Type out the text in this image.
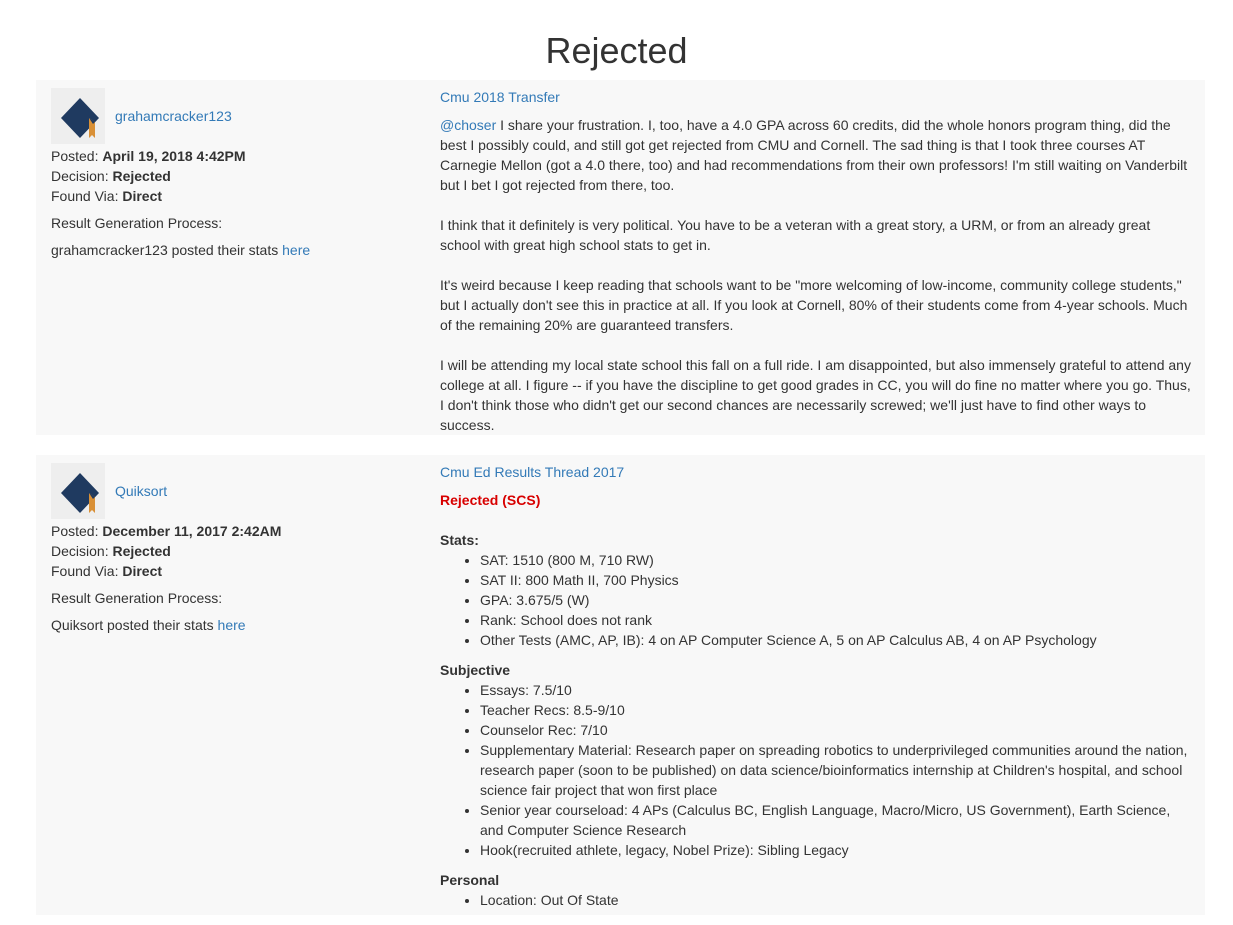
Rejected
grahamcracker123
Posted: April 19, 2018 4:42PM
Decision: Rejected
Found Via: Direct
Result Generation Process:
grahamcracker123 posted their stats here
Cmu 2018 Transfer

@choser I share your frustration. I, too, have a 4.0 GPA across 60 credits, did the whole honors program thing, did the best I possibly could, and still got get rejected from CMU and Cornell. The sad thing is that I took three courses AT Carnegie Mellon (got a 4.0 there, too) and had recommendations from their own professors! I'm still waiting on Vanderbilt but I bet I got rejected from there, too.

I think that it definitely is very political. You have to be a veteran with a great story, a URM, or from an already great school with great high school stats to get in.

It's weird because I keep reading that schools want to be "more welcoming of low-income, community college students," but I actually don't see this in practice at all. If you look at Cornell, 80% of their students come from 4-year schools. Much of the remaining 20% are guaranteed transfers.

I will be attending my local state school this fall on a full ride. I am disappointed, but also immensely grateful to attend any college at all. I figure -- if you have the discipline to get good grades in CC, you will do fine no matter where you go. Thus, I don't think those who didn't get our second chances are necessarily screwed; we'll just have to find other ways to success.

Quiksort
Posted: December 11, 2017 2:42AM
Decision: Rejected
Found Via: Direct
Result Generation Process:
Quiksort posted their stats here
Cmu Ed Results Thread 2017
Rejected (SCS)
Stats:
• SAT: 1510 (800 M, 710 RW)
• SAT II: 800 Math II, 700 Physics
• GPA: 3.675/5 (W)
• Rank: School does not rank
• Other Tests (AMC, AP, IB): 4 on AP Computer Science A, 5 on AP Calculus AB, 4 on AP Psychology
Subjective
• Essays: 7.5/10
• Teacher Recs: 8.5-9/10
• Counselor Rec: 7/10
• Supplementary Material: Research paper on spreading robotics to underprivileged communities around the nation, research paper (soon to be published) on data science/bioinformatics internship at Children's hospital, and school science fair project that won first place
• Senior year courseload: 4 APs (Calculus BC, English Language, Macro/Micro, US Government), Earth Science, and Computer Science Research
• Hook(recruited athlete, legacy, Nobel Prize): Sibling Legacy
Personal
• Location: Out Of State
